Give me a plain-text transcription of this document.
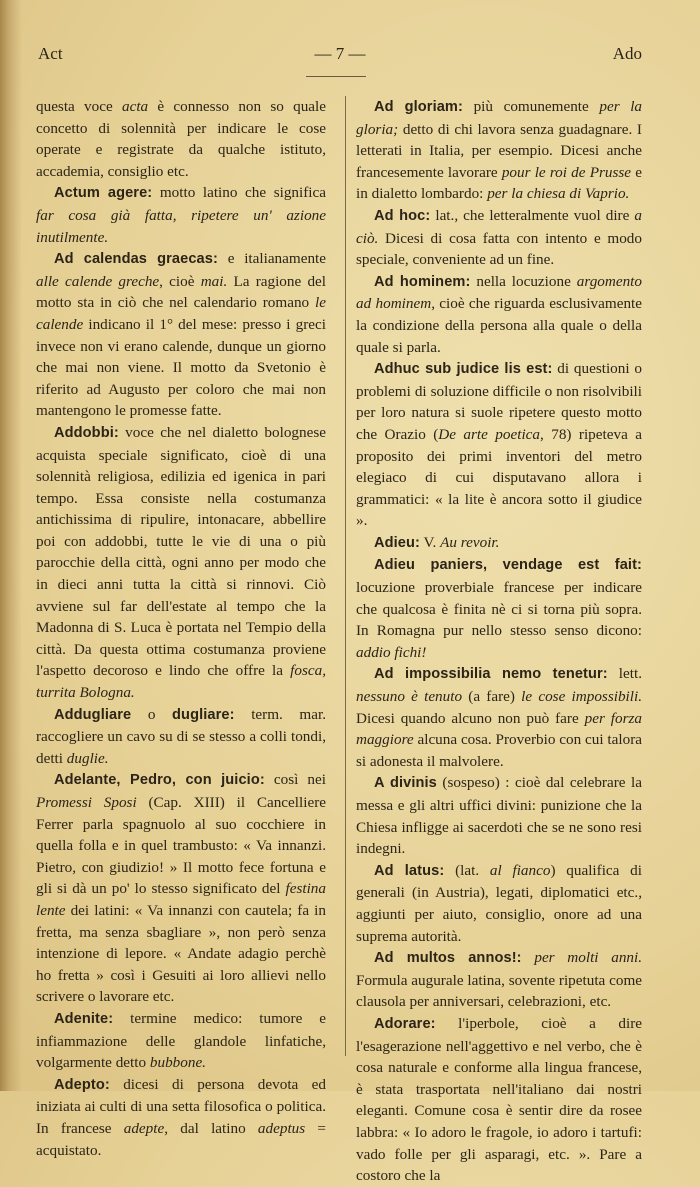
Act	— 7 —	Ado

questa voce acta è connesso non so quale concetto di solennità per indicare le cose operate e registrate da qualche istituto, accademia, consiglio etc.

Actum agere: motto latino che significa far cosa già fatta, ripetere un' azione inutilmente.

Ad calendas graecas: e italianamente alle calende greche, cioè mai. La ragione del motto sta in ciò che nel calendario romano le calende indicano il 1° del mese: presso i greci invece non vi erano calende, dunque un giorno che mai non viene. Il motto da Svetonio è riferito ad Augusto per coloro che mai non mantengono le promesse fatte.

Addobbi: voce che nel dialetto bolognese acquista speciale significato, cioè di una solennità religiosa, edilizia ed igenica in pari tempo. Essa consiste nella costumanza antichissima di ripulire, intonacare, abbellire poi con addobbi, tutte le vie di una o più parocchie della città, ogni anno per modo che in dieci anni tutta la città si rinnovi. Ciò avviene sul far dell'estate al tempo che la Madonna di S. Luca è portata nel Tempio della città. Da questa ottima costumanza proviene l'aspetto decoroso e lindo che offre la fosca, turrita Bologna.

Addugliare o dugliare: term. mar. raccogliere un cavo su di se stesso a colli tondi, detti duglie.

Adelante, Pedro, con juicio: così nei Promessi Sposi (Cap. XIII) il Cancelliere Ferrer parla spagnuolo al suo cocchiere in quella folla e in quel trambusto: « Va innanzi. Pietro, con giudizio! » Il motto fece fortuna e gli si dà un po' lo stesso significato del festina lente dei latini: « Va innanzi con cautela; fa in fretta, ma senza sbagliare », non però senza intenzione di lepore. « Andate adagio perchè ho fretta » così i Gesuiti ai loro allievi nello scrivere o lavorare etc.

Adenite: termine medico: tumore e infiammazione delle glandole linfatiche, volgarmente detto bubbone.

Adepto: dicesi di persona devota ed iniziata ai culti di una setta filosofica o politica. In francese adepte, dal latino adeptus = acquistato.

Ad gloriam: più comunemente per la gloria; detto di chi lavora senza guadagnare. I letterati in Italia, per esempio. Dicesi anche francesemente lavorare pour le roi de Prusse e in dialetto lombardo: per la chiesa di Vaprio.

Ad hoc: lat., che letteralmente vuol dire a ciò. Dicesi di cosa fatta con intento e modo speciale, conveniente ad un fine.

Ad hominem: nella locuzione argomento ad hominem, cioè che riguarda esclusivamente la condizione della persona alla quale o della quale si parla.

Adhuc sub judice lis est: di questioni o problemi di soluzione difficile o non risolvibili per loro natura si suole ripetere questo motto che Orazio (De arte poetica, 78) ripeteva a proposito dei primi inventori del metro elegiaco di cui disputavano allora i grammatici: « la lite è ancora sotto il giudice ».

Adieu: V. Au revoir.

Adieu paniers, vendage est fait: locuzione proverbiale francese per indicare che qualcosa è finita nè ci si torna più sopra. In Romagna pur nello stesso senso dicono: addio fichi!

Ad impossibilia nemo tenetur: lett. nessuno è tenuto (a fare) le cose impossibili. Dicesi quando alcuno non può fare per forza maggiore alcuna cosa. Proverbio con cui talora si adonesta il malvolere.

A divinis (sospeso) : cioè dal celebrare la messa e gli altri uffici divini: punizione che la Chiesa infligge ai sacerdoti che se ne sono resi indegni.

Ad latus: (lat. al fianco) qualifica di generali (in Austria), legati, diplomatici etc., aggiunti per aiuto, consiglio, onore ad una suprema autorità.

Ad multos annos!: per molti anni. Formula augurale latina, sovente ripetuta come clausola per anniversari, celebrazioni, etc.

Adorare: l'iperbole, cioè a dire l'esagerazione nell'aggettivo e nel verbo, che è cosa naturale e conforme alla lingua francese, è stata trasportata nell'italiano dai nostri eleganti. Comune cosa è sentir dire da rosee labbra: « Io adoro le fragole, io adoro i tartufi: vado folle per gli asparagi, etc. ». Pare a costoro che la
